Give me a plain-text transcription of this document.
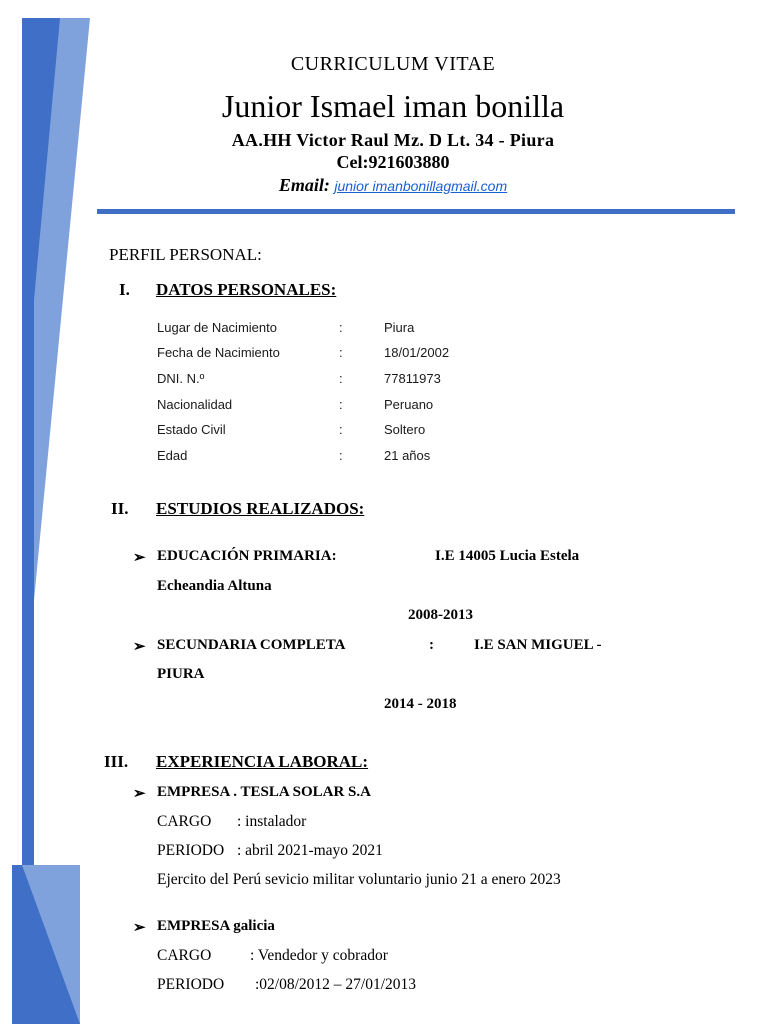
CURRICULUM VITAE
Junior Ismael iman bonilla
AA.HH Victor Raul Mz. D Lt. 34 - Piura
Cel:921603880
Email: junior imanbonillagmail.com
PERFIL PERSONAL:
I. DATOS PERSONALES:
Lugar de Nacimiento	:	Piura
Fecha de Nacimiento	:	18/01/2002
DNI. N.º	:	77811973
Nacionalidad	:	Peruano
Estado Civil	:	Soltero
Edad	:	21 años
II. ESTUDIOS REALIZADOS:
➢ EDUCACIÓN PRIMARIA:	I.E 14005 Lucia Estela
Echeandia Altuna
2008-2013
➢ SECUNDARIA COMPLETA	:	I.E SAN MIGUEL -
PIURA
2014 - 2018
III. EXPERIENCIA LABORAL:
➢ EMPRESA . TESLA SOLAR S.A
CARGO : instalador
PERIODO : abril 2021-mayo 2021
Ejercito del Perú sevicio militar voluntario junio 21 a enero 2023
➢ EMPRESA galicia
CARGO : Vendedor y cobrador
PERIODO :02/08/2012 – 27/01/2013
